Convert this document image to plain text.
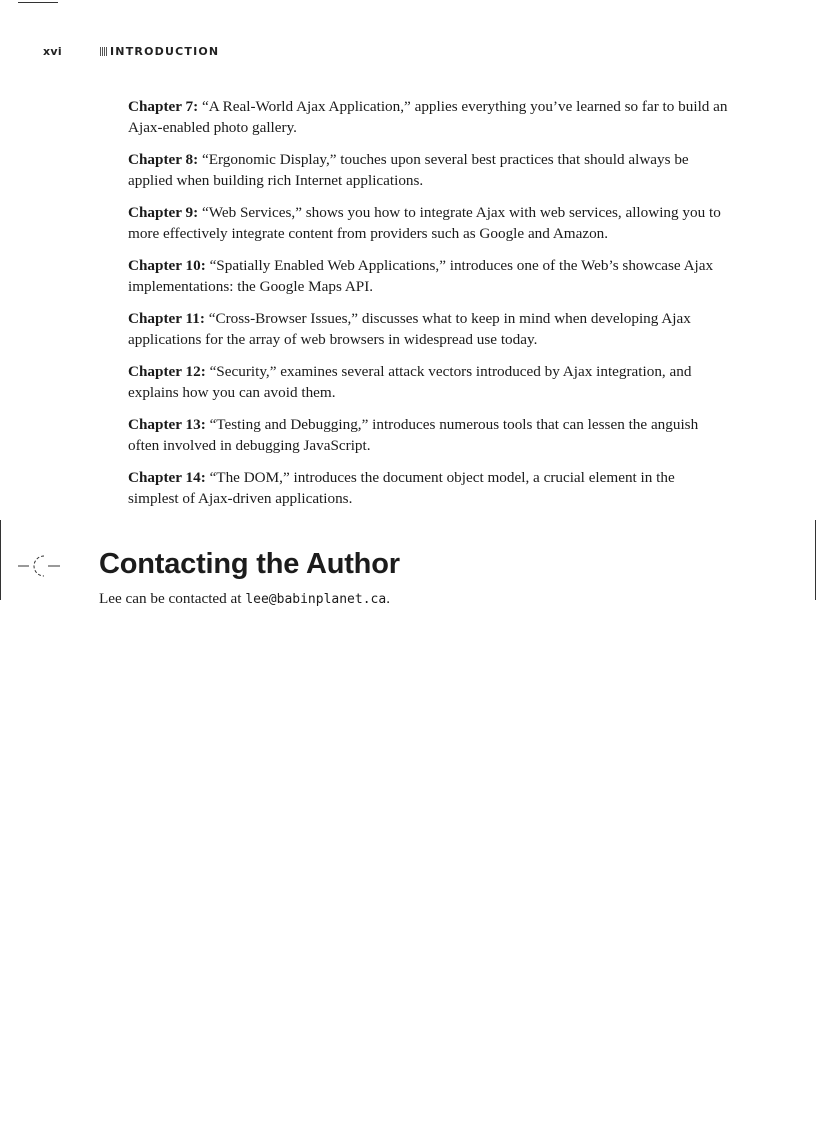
xvi	INTRODUCTION
Chapter 7: “A Real-World Ajax Application,” applies everything you’ve learned so far to build an Ajax-enabled photo gallery.
Chapter 8: “Ergonomic Display,” touches upon several best practices that should always be applied when building rich Internet applications.
Chapter 9: “Web Services,” shows you how to integrate Ajax with web services, allowing you to more effectively integrate content from providers such as Google and Amazon.
Chapter 10: “Spatially Enabled Web Applications,” introduces one of the Web’s showcase Ajax implementations: the Google Maps API.
Chapter 11: “Cross-Browser Issues,” discusses what to keep in mind when developing Ajax applications for the array of web browsers in widespread use today.
Chapter 12: “Security,” examines several attack vectors introduced by Ajax integration, and explains how you can avoid them.
Chapter 13: “Testing and Debugging,” introduces numerous tools that can lessen the anguish often involved in debugging JavaScript.
Chapter 14: “The DOM,” introduces the document object model, a crucial element in the simplest of Ajax-driven applications.
Contacting the Author

Lee can be contacted at lee@babinplanet.ca.
